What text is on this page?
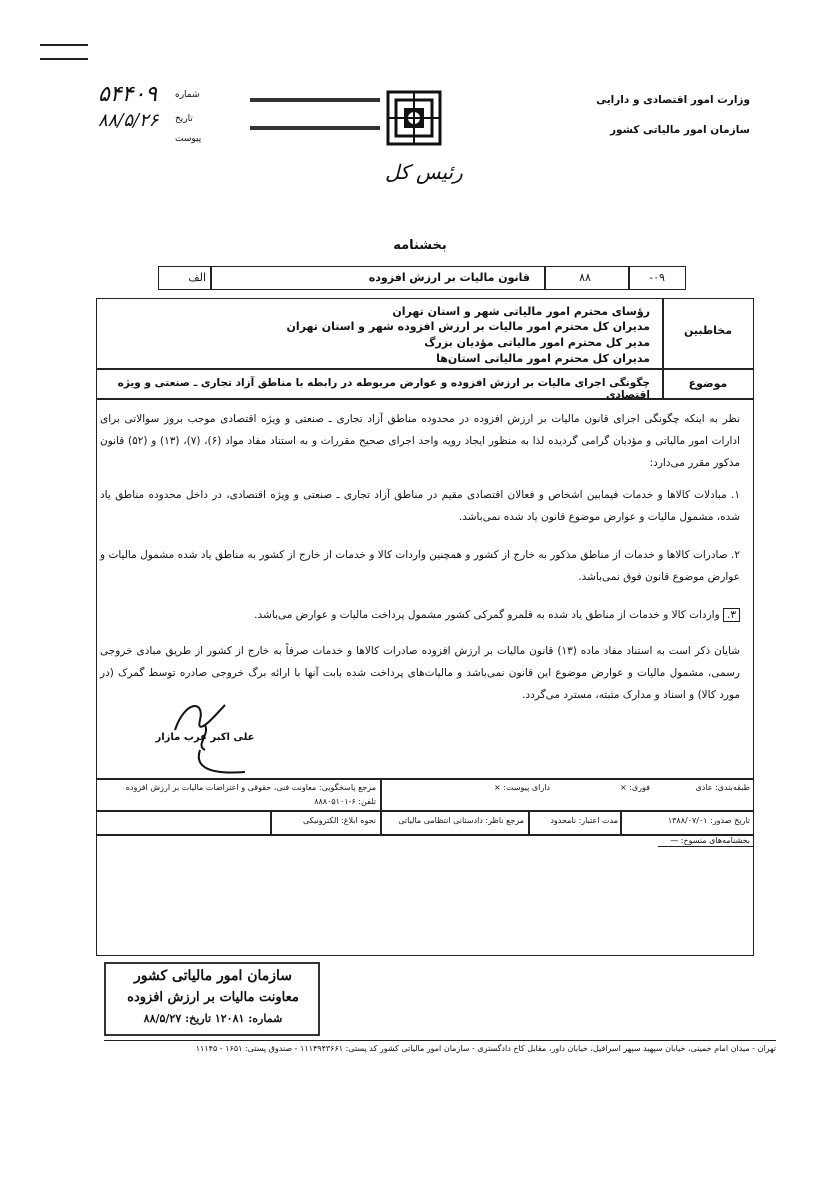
۵۴۴۰۹ شماره
۸۸/۵/۲۶ تاریخ
پیوست
وزارت امور اقتصادی و دارایی
سازمان امور مالیاتی کشور
رئیس کل
بخشنامه
الف	قانون مالیات بر ارزش افزوده	۸۸	۰۹-
مخاطبین
رؤسای محترم امور مالیاتی شهر و استان تهران
مدیران کل محترم امور مالیات بر ارزش افزوده شهر و استان تهران
مدیر کل محترم امور مالیاتی مؤدیان بزرگ
مدیران کل محترم امور مالیاتی استان‌ها
موضوع
چگونگی اجرای مالیات بر ارزش افزوده و عوارض مربوطه در رابطه با مناطق آزاد تجاری ـ صنعتی و ویژه اقتصادی
نظر به اینکه چگونگی اجرای قانون مالیات بر ارزش افزوده در محدوده مناطق آزاد تجاری ـ صنعتی و ویژه اقتصادی موجب بروز سوالاتی برای ادارات امور مالیاتی و مؤدیان گرامی گردیده لذا به منظور ایجاد رویه واحد اجرای صحیح مقررات و به استناد مفاد مواد (۶)، (۷)، (۱۳) و (۵۲) قانون مذکور مقرر می‌دارد:
۱. مبادلات کالاها و خدمات فیمابین اشخاص و فعالان اقتصادی مقیم در مناطق آزاد تجاری ـ صنعتی و ویژه اقتصادی، در داخل محدوده مناطق یاد شده، مشمول مالیات و عوارض موضوع قانون یاد شده نمی‌باشد.
۲. صادرات کالاها و خدمات از مناطق مذکور به خارج از کشور و همچنین واردات کالا و خدمات از خارج از کشور به مناطق یاد شده مشمول مالیات و عوارض موضوع قانون فوق نمی‌باشد.
۳. واردات کالا و خدمات از مناطق یاد شده به قلمرو گمرکی کشور مشمول پرداخت مالیات و عوارض می‌باشد.
شایان ذکر است به استناد مفاد ماده (۱۳) قانون مالیات بر ارزش افزوده صادرات کالاها و خدمات صرفاً به خارج از کشور از طریق مبادی خروجی رسمی، مشمول مالیات و عوارض موضوع این قانون نمی‌باشد و مالیات‌های پرداخت شده بابت آنها با ارائه برگ خروجی صادره توسط گمرک (در مورد کالا) و اسناد و مدارک مثبته، مسترد می‌گردد.
علی اکبر عرب مازار
مرجع پاسخگویی: معاونت فنی، حقوقی و اعتراضات مالیات بر ارزش افزوده
تلفن: ۶-۸۸۸۰۵۱۰۱
طبقه‌بندی: عادی
فوری: ×
دارای پیوست: ×
تاریخ صدور: ۱۳۸۸/۰۷/۰۱
مدت اعتبار: نامحدود
مرجع ناظر: دادستانی انتظامی مالیاتی
نحوه ابلاغ: الکترونیکی
بخشنامه‌های منسوخ: —
سازمان امور مالیاتی کشور
معاونت مالیات بر ارزش افزوده
شماره: ۱۲۰۸۱ تاریخ: ۸۸/۵/۲۷
تهران - میدان امام خمینی، خیابان سپهبد سپهر اسرافیل، خیابان داور، مقابل کاخ دادگستری - سازمان امور مالیاتی کشور کد پستی: ۱۱۱۴۹۴۳۶۶۱ - صندوق پستی: ۱۶۵۱ - ۱۱۱۴۵
